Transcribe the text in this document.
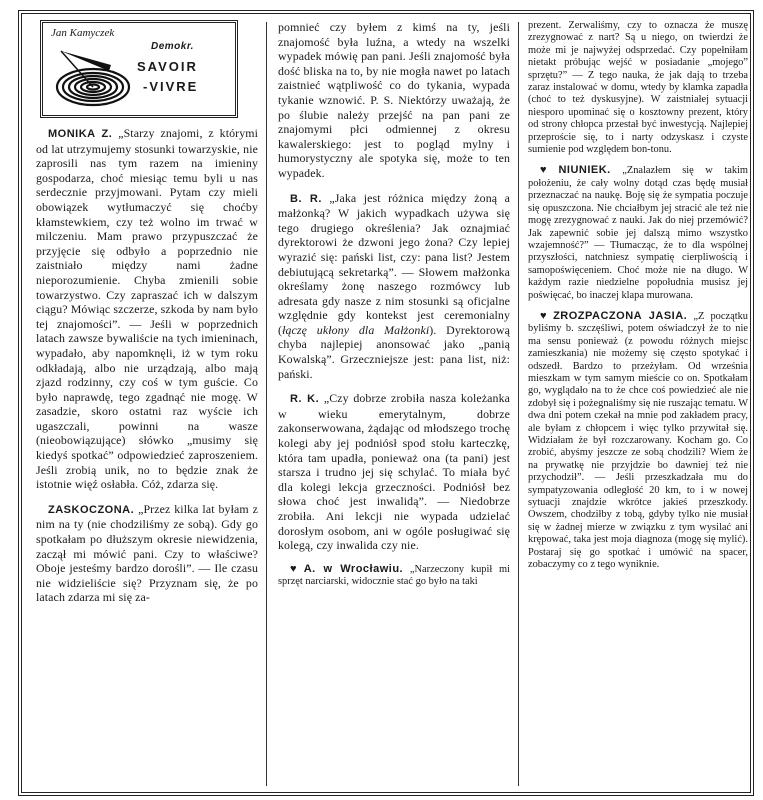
Jan Kamyczek
Demokr.
SAVOIR
-VIVRE

MONIKA Z. „Starzy znajomi, z którymi od lat utrzymujemy stosunki towarzyskie, nie zaprosili nas tym razem na imieniny gospodarza, choć miesiąc temu byli u nas serdecznie przyjmowani. Pytam czy mieli obowiązek wytłumaczyć się choćby kłamstewkiem, czy też wolno im trwać w milczeniu. Mam prawo przypuszczać że przyjęcie się odbyło a poprzednio nie zaistniało między nami żadne nieporozumienie. Chyba zmienili sobie towarzystwo. Czy zapraszać ich w dalszym ciągu? Mówiąc szczerze, szkoda by nam było tej znajomości”. — Jeśli w poprzednich latach zawsze bywaliście na tych imieninach, wypadało, aby napomknęli, iż w tym roku odkładają, albo nie urządzają, albo mają zjazd rodzinny, czy coś w tym guście. Co było naprawdę, tego zgadnąć nie mogę. W zasadzie, skoro ostatni raz wyście ich ugaszczali, powinni na wasze (nieobowiązujące) słówko „musimy się kiedyś spotkać” odpowiedzieć zaproszeniem. Jeśli zrobią unik, no to będzie znak że istotnie więź osłabła. Cóż, zdarza się.

ZASKOCZONA. „Przez kilka lat byłam z nim na ty (nie chodziliśmy ze sobą). Gdy go spotkałam po dłuższym okresie niewidzenia, zaczął mi mówić pani. Czy to właściwe? Oboje jesteśmy bardzo dorośli”. — Ile czasu nie widzieliście się? Przyznam się, że po latach zdarza mi się za-

pomnieć czy byłem z kimś na ty, jeśli znajomość była luźna, a wtedy na wszelki wypadek mówię pan pani. Jeśli znajomość była dość bliska na to, by nie mogła nawet po latach zaistnieć wątpliwość co do tykania, wypada tykanie wznowić. P. S. Niektórzy uważają, że po ślubie należy przejść na pan pani ze znajomymi płci odmiennej z okresu kawalerskiego: jest to pogląd mylny i humorystyczny ale spotyka się, może to ten wypadek.

B. R. „Jaka jest różnica między żoną a małżonką? W jakich wypadkach używa się tego drugiego określenia? Jak oznajmiać dyrektorowi że dzwoni jego żona? Czy lepiej wyrazić się: pański list, czy: pana list? Jestem debiutującą sekretarką”. — Słowem małżonka określamy żonę naszego rozmówcy lub adresata gdy nasze z nim stosunki są oficjalne względnie gdy kontekst jest ceremonialny (łączę ukłony dla Małżonki). Dyrektorową chyba najlepiej anonsować jako „panią Kowalską”. Grzeczniejsze jest: pana list, niż: pański.

R. K. „Czy dobrze zrobiła nasza koleżanka w wieku emerytalnym, dobrze zakonserwowana, żądając od młodszego trochę kolegi aby jej podniósł spod stołu karteczkę, która tam upadła, ponieważ ona (ta pani) jest starsza i trudno jej się schylać. To miała być dla kolegi lekcja grzeczności. Podniósł bez słowa choć jest inwalidą”. — Niedobrze zrobiła. Ani lekcji nie wypada udzielać dorosłym osobom, ani w ogóle posługiwać się kolegą, czy inwalida czy nie.

♥ A. w Wrocławiu. „Narzeczony kupił mi sprzęt narciarski, widocznie stać go było na taki

prezent. Zerwaliśmy, czy to oznacza że muszę zrezygnować z nart? Są u niego, on twierdzi że może mi je najwyżej odsprzedać. Czy popełniłam nietakt próbując wejść w posiadanie „mojego” sprzętu?” — Z tego nauka, że jak dają to trzeba zaraz instalować w domu, wtedy by klamka zapadła (choć to też dyskusyjne). W zaistniałej sytuacji niesporo upominać się o kosztowny prezent, który od strony chłopca przestał być inwestycją. Najlepiej przeproście się, to i narty odzyskasz i czyste sumienie pod względem bon-tonu.

♥ NIUNIEK. „Znalazłem się w takim położeniu, że cały wolny dotąd czas będę musiał przeznaczać na naukę. Boję się że sympatia poczuje się opuszczona. Nie chciałbym jej stracić ale też nie mogę zrezygnować z nauki. Jak do niej przemówić? Jak zapewnić sobie jej dalszą mimo wszystko wzajemność?” — Tłumacząc, że to dla wspólnej przyszłości, natchniesz sympatię cierpliwością i samopoświęceniem. Choć może nie na długo. W każdym razie niedzielne popołudnia musisz jej poświęcać, bo inaczej klapa murowana.

♥ ZROZPACZONA JASIA. „Z początku byliśmy b. szczęśliwi, potem oświadczył że to nie ma sensu ponieważ (z powodu różnych miejsc zamieszkania) nie możemy się często spotykać i odszedł. Bardzo to przeżyłam. Od września mieszkam w tym samym mieście co on. Spotkałam go, wyglądało na to że chce coś powiedzieć ale nie zdobył się i pożegnaliśmy się nie ruszając tematu. W dwa dni potem czekał na mnie pod zakładem pracy, ale byłam z chłopcem i więc tylko przywitał się. Widziałam że był rozczarowany. Kocham go. Co zrobić, abyśmy jeszcze ze sobą chodzili? Wiem że na prywatkę nie przyjdzie bo dawniej też nie przychodził”. — Jeśli przeszkadzała mu do sympatyzowania odległość 20 km, to i w nowej sytuacji znajdzie wkrótce jakieś przeszkody. Owszem, chodziłby z tobą, gdyby tylko nie musiał się w żadnej mierze w związku z tym wysilać ani krępować, taka jest moja diagnoza (mogę się mylić). Postaraj się go spotkać i umówić na spacer, zobaczymy co z tego wyniknie.
